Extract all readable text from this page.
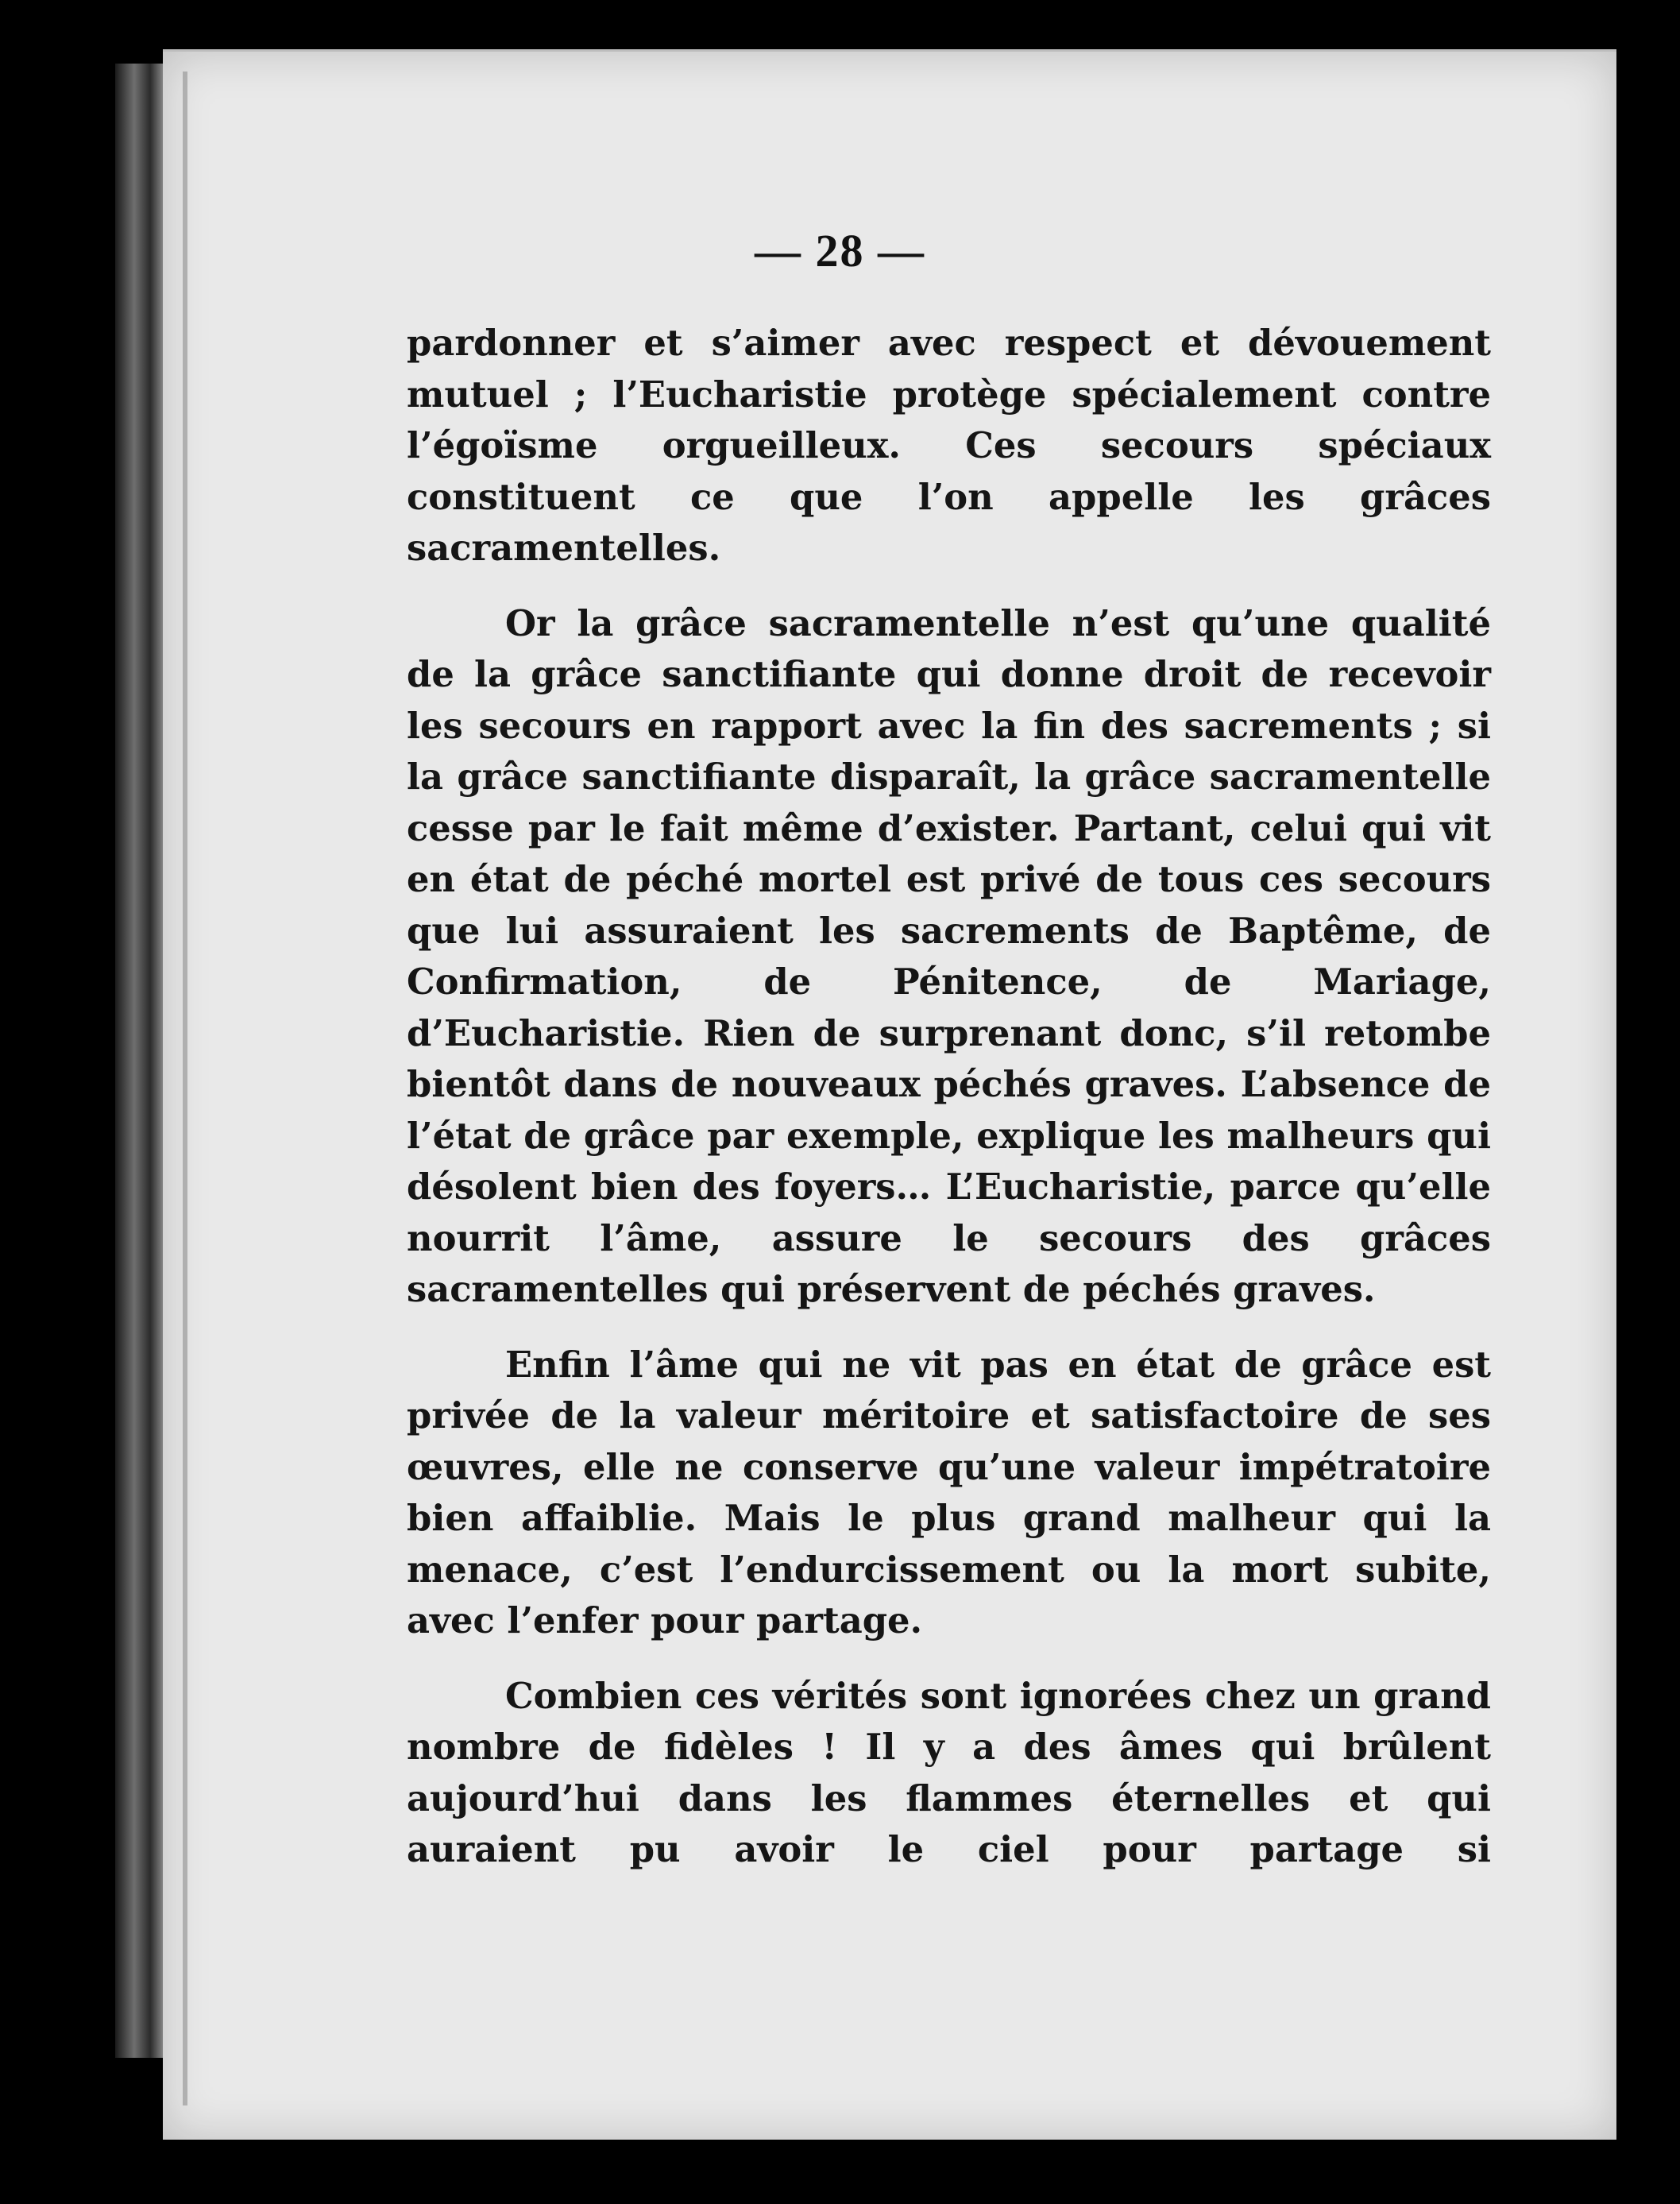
— 28 —

pardonner et s’aimer avec respect et dévouement mutuel ; l’Eucharistie protège spécialement contre l’égoïsme orgueilleux. Ces secours spéciaux constituent ce que l’on appelle les grâces sacramentelles.

Or la grâce sacramentelle n’est qu’une qualité de la grâce sanctifiante qui donne droit de recevoir les secours en rapport avec la fin des sacrements ; si la grâce sanctifiante disparaît, la grâce sacramentelle cesse par le fait même d’exister. Partant, celui qui vit en état de péché mortel est privé de tous ces secours que lui assuraient les sacrements de Baptême, de Confirmation, de Pénitence, de Mariage, d’Eucharistie. Rien de surprenant donc, s’il retombe bientôt dans de nouveaux péchés graves. L’absence de l’état de grâce par exemple, explique les malheurs qui désolent bien des foyers… L’Eucharistie, parce qu’elle nourrit l’âme, assure le secours des grâces sacramentelles qui préservent de péchés graves.

Enfin l’âme qui ne vit pas en état de grâce est privée de la valeur méritoire et satisfactoire de ses œuvres, elle ne conserve qu’une valeur impétratoire bien affaiblie. Mais le plus grand malheur qui la menace, c’est l’endurcissement ou la mort subite, avec l’enfer pour partage.

Combien ces vérités sont ignorées chez un grand nombre de fidèles ! Il y a des âmes qui brûlent aujourd’hui dans les flammes éternelles et qui auraient pu avoir le ciel pour partage si
